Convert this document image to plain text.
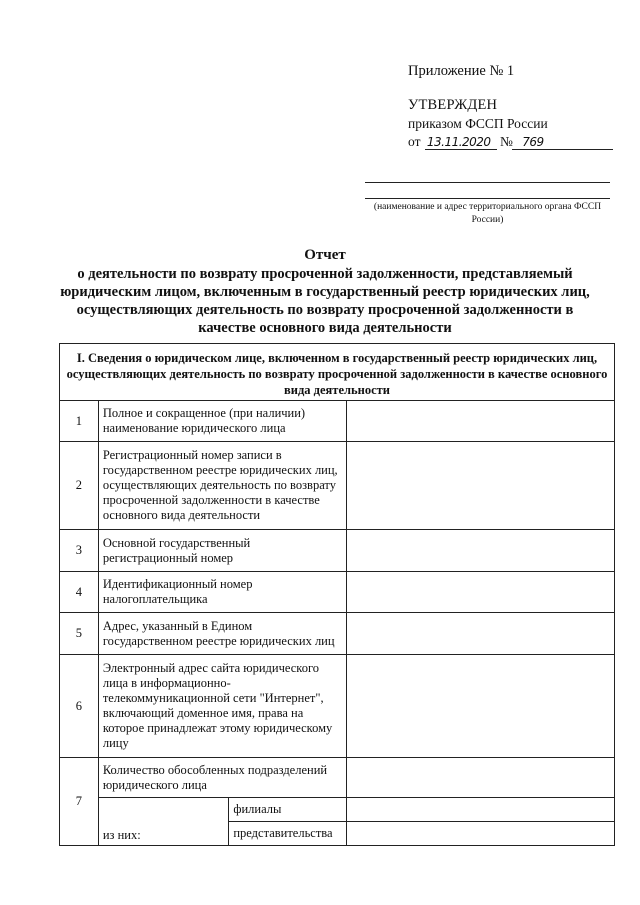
Приложение № 1
УТВЕРЖДЕН
приказом ФССП России
от 13.11.2020 № 769
(наименование и адрес территориального органа ФССП России)
Отчет
о деятельности по возврату просроченной задолженности, представляемый юридическим лицом, включенным в государственный реестр юридических лиц, осуществляющих деятельность по возврату просроченной задолженности в качестве основного вида деятельности
I. Сведения о юридическом лице, включенном в государственный реестр юридических лиц, осуществляющих деятельность по возврату просроченной задолженности в качестве основного вида деятельности			
1	Полное и сокращенное (при наличии) наименование юридического лица		
2	Регистрационный номер записи в государственном реестре юридических лиц, осуществляющих деятельность по возврату просроченной задолженности в качестве основного вида деятельности		
3	Основной государственный регистрационный номер		
4	Идентификационный номер налогоплательщика		
5	Адрес, указанный в Едином государственном реестре юридических лиц		
6	Электронный адрес сайта юридического лица в информационно-телекоммуникационной сети "Интернет", включающий доменное имя, права на которое принадлежат этому юридическому лицу		
7	Количество обособленных подразделений юридического лица		
	из них:	филиалы	
		представительства	
